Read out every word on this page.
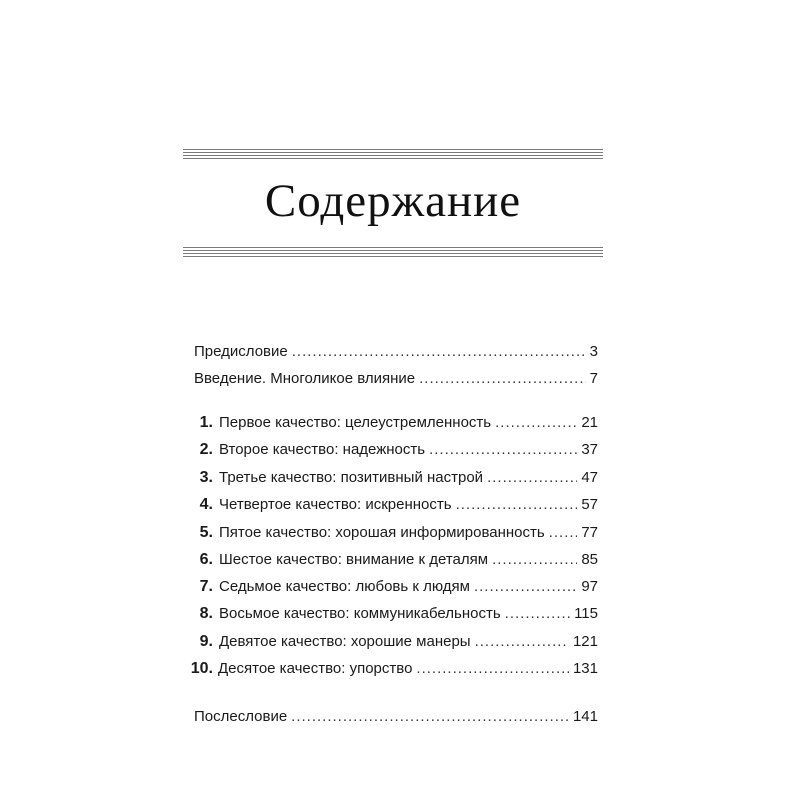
Содержание
Предисловие .....	3
Введение. Многоликое влияние .....	7
1. Первое качество: целеустремленность .....	21
2. Второе качество: надежность .....	37
3. Третье качество: позитивный настрой .....	47
4. Четвертое качество: искренность .....	57
5. Пятое качество: хорошая информированность ..... 77
6. Шестое качество: внимание к деталям .....	85
7. Седьмое качество: любовь к людям .....	97
8. Восьмое качество: коммуникабельность .....	115
9. Девятое качество: хорошие манеры .....	121
10. Десятое качество: упорство .....	131
Послесловие .....	141
